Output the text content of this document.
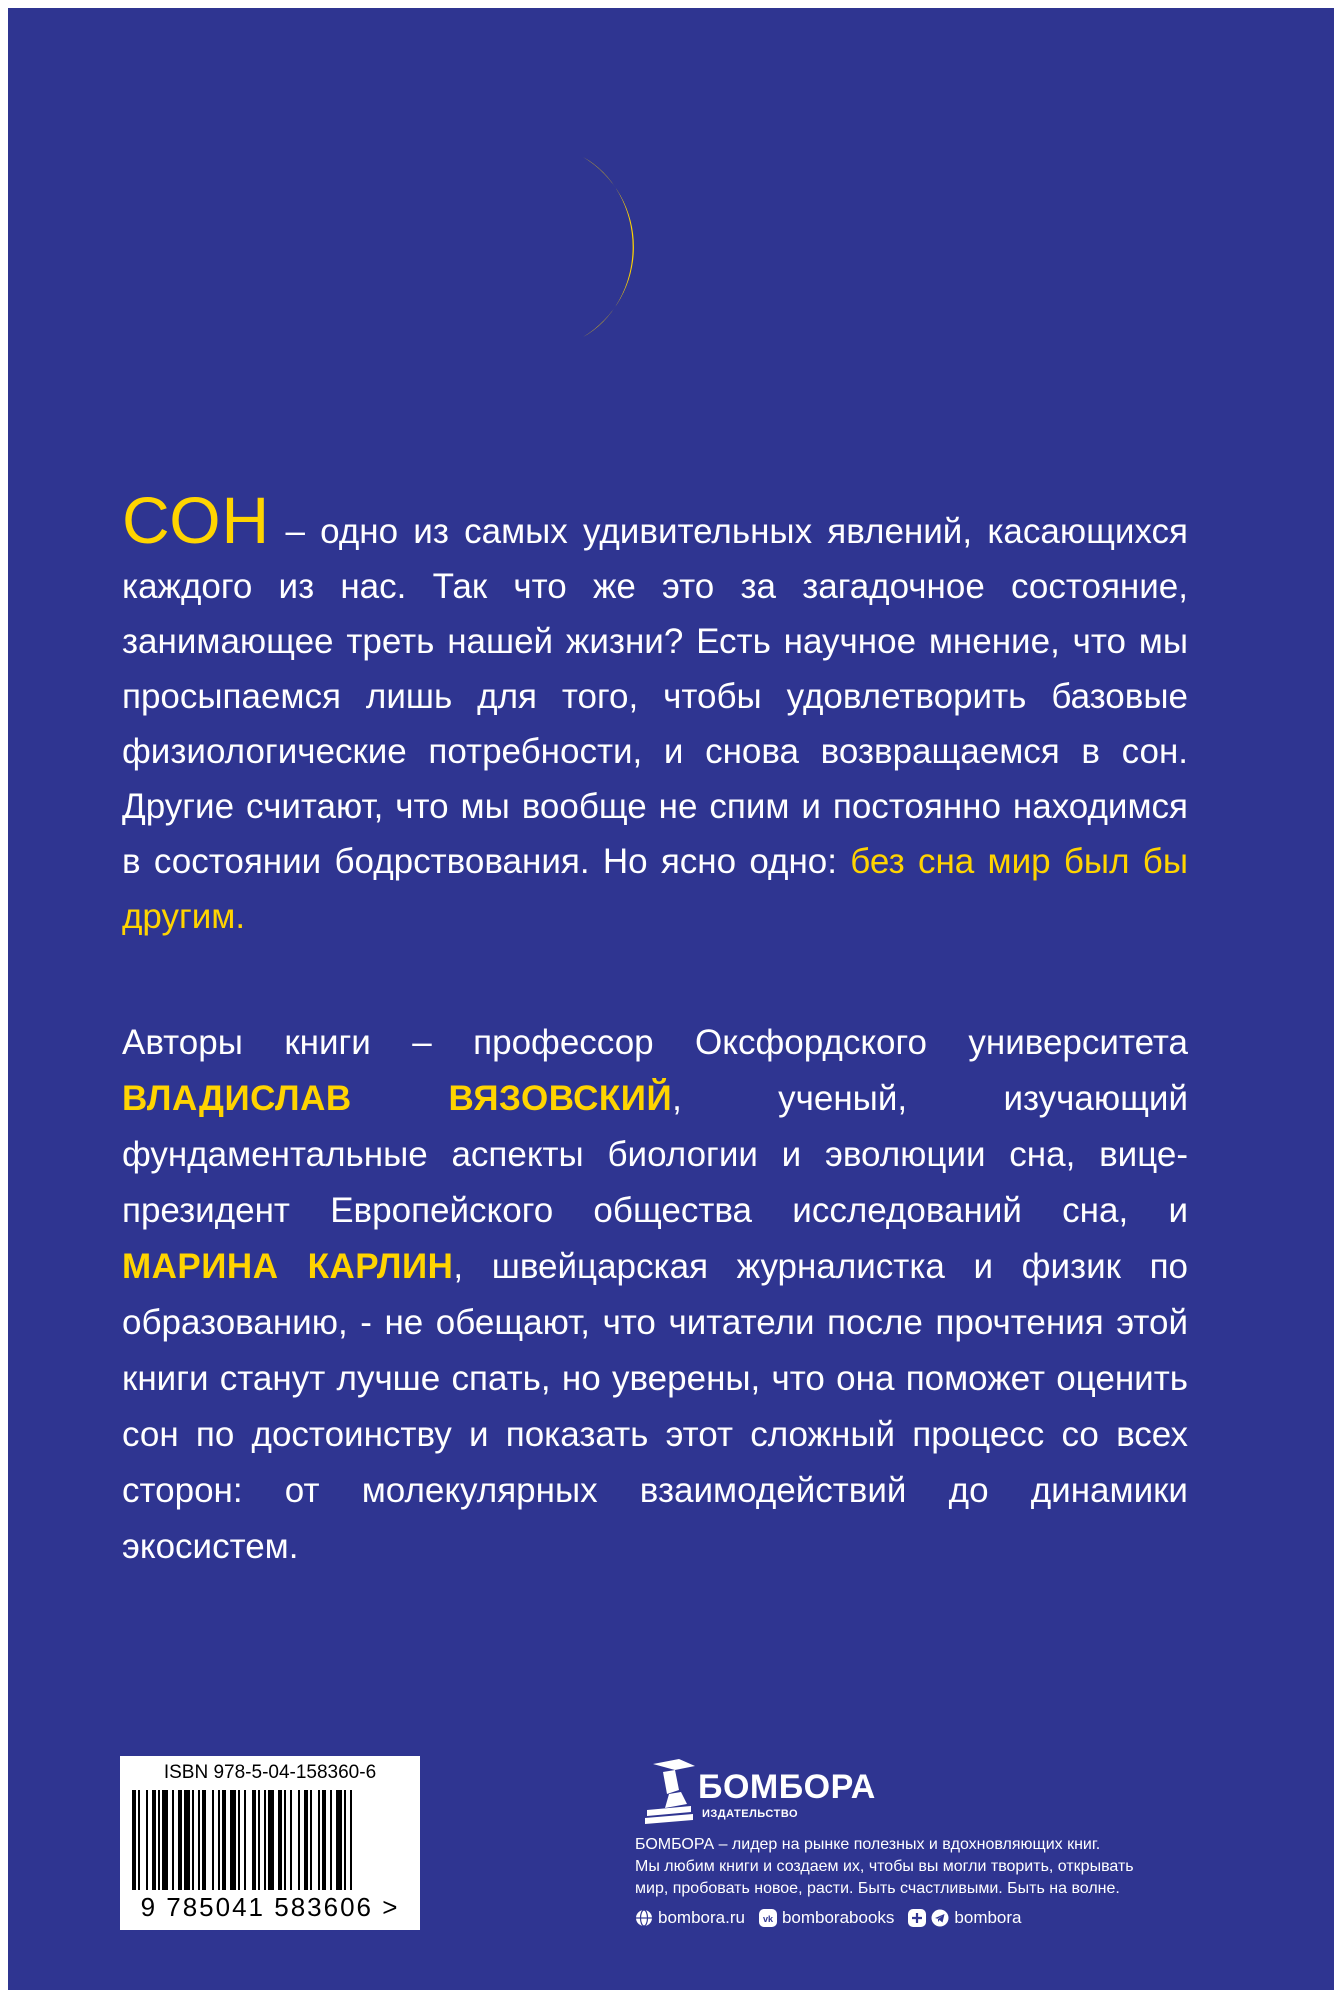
СОН – одно из самых удивительных явлений, касающихся каждого из нас. Так что же это за загадочное состояние, занимающее треть нашей жизни? Есть научное мнение, что мы просыпаемся лишь для того, чтобы удовлетворить базовые физиологические потребности, и снова возвращаемся в сон. Другие считают, что мы вообще не спим и постоянно находимся в состоянии бодрствования. Но ясно одно: без сна мир был бы другим.

Авторы книги – профессор Оксфордского университета ВЛАДИСЛАВ ВЯЗОВСКИЙ, ученый, изучающий фундаментальные аспекты биологии и эволюции сна, вице-президент Европейского общества исследований сна, и МАРИНА КАРЛИН, швейцарская журналистка и физик по образованию, - не обещают, что читатели после прочтения этой книги станут лучше спать, но уверены, что она поможет оценить сон по достоинству и показать этот сложный процесс со всех сторон: от молекулярных взаимодействий до динамики экосистем.

ISBN 978-5-04-158360-6
9 785041 583606 >
БОМБОРА
ИЗДАТЕЛЬСТВО

БОМБОРА – лидер на рынке полезных и вдохновляющих книг.
Мы любим книги и создаем их, чтобы вы могли творить, открывать
мир, пробовать новое, расти. Быть счастливыми. Быть на волне.

bombora.ru vk bomborabooks	bombora
